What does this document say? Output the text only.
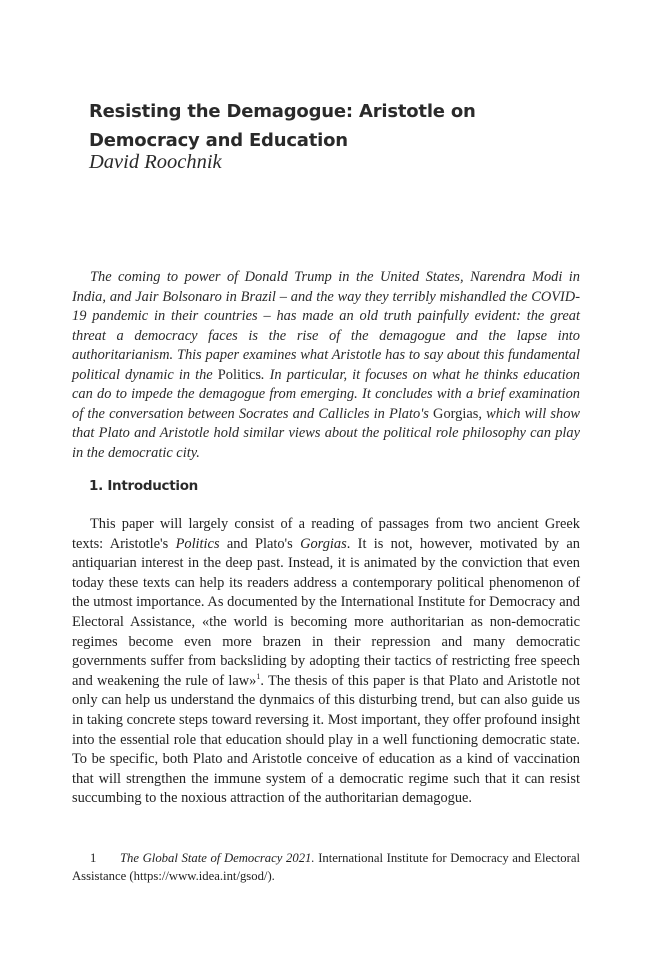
Resisting the Demagogue: Aristotle on Democracy and Education
David Roochnik

The coming to power of Donald Trump in the United States, Narendra Modi in India, and Jair Bolsonaro in Brazil – and the way they terribly mishandled the COVID-19 pandemic in their countries – has made an old truth painfully evident: the great threat a democracy faces is the rise of the demagogue and the lapse into authoritarianism. This paper examines what Aristotle has to say about this fundamental political dynamic in the Politics. In particular, it focuses on what he thinks education can do to impede the demagogue from emerging. It concludes with a brief examination of the conversation between Socrates and Callicles in Plato's Gorgias, which will show that Plato and Aristotle hold similar views about the political role philosophy can play in the democratic city.

1. Introduction

This paper will largely consist of a reading of passages from two ancient Greek texts: Aristotle's Politics and Plato's Gorgias. It is not, however, motivated by an antiquarian interest in the deep past. Instead, it is animated by the conviction that even today these texts can help its readers address a contemporary political phenomenon of the utmost importance. As documented by the International Institute for Democracy and Electoral Assistance, «the world is becoming more authoritarian as non-democratic regimes become even more brazen in their repression and many democratic governments suffer from backsliding by adopting their tactics of restricting free speech and weakening the rule of law»$^1$. The thesis of this paper is that Plato and Aristotle not only can help us understand the dynmaics of this disturbing trend, but can also guide us in taking concrete steps toward reversing it. Most important, they offer profound insight into the essential role that education should play in a well functioning democratic state. To be specific, both Plato and Aristotle conceive of education as a kind of vaccination that will strengthen the immune system of a democratic regime such that it can resist succumbing to the noxious attraction of the authoritarian demagogue.

1 The Global State of Democracy 2021. International Institute for Democracy and Electoral Assistance (https://www.idea.int/gsod/).
